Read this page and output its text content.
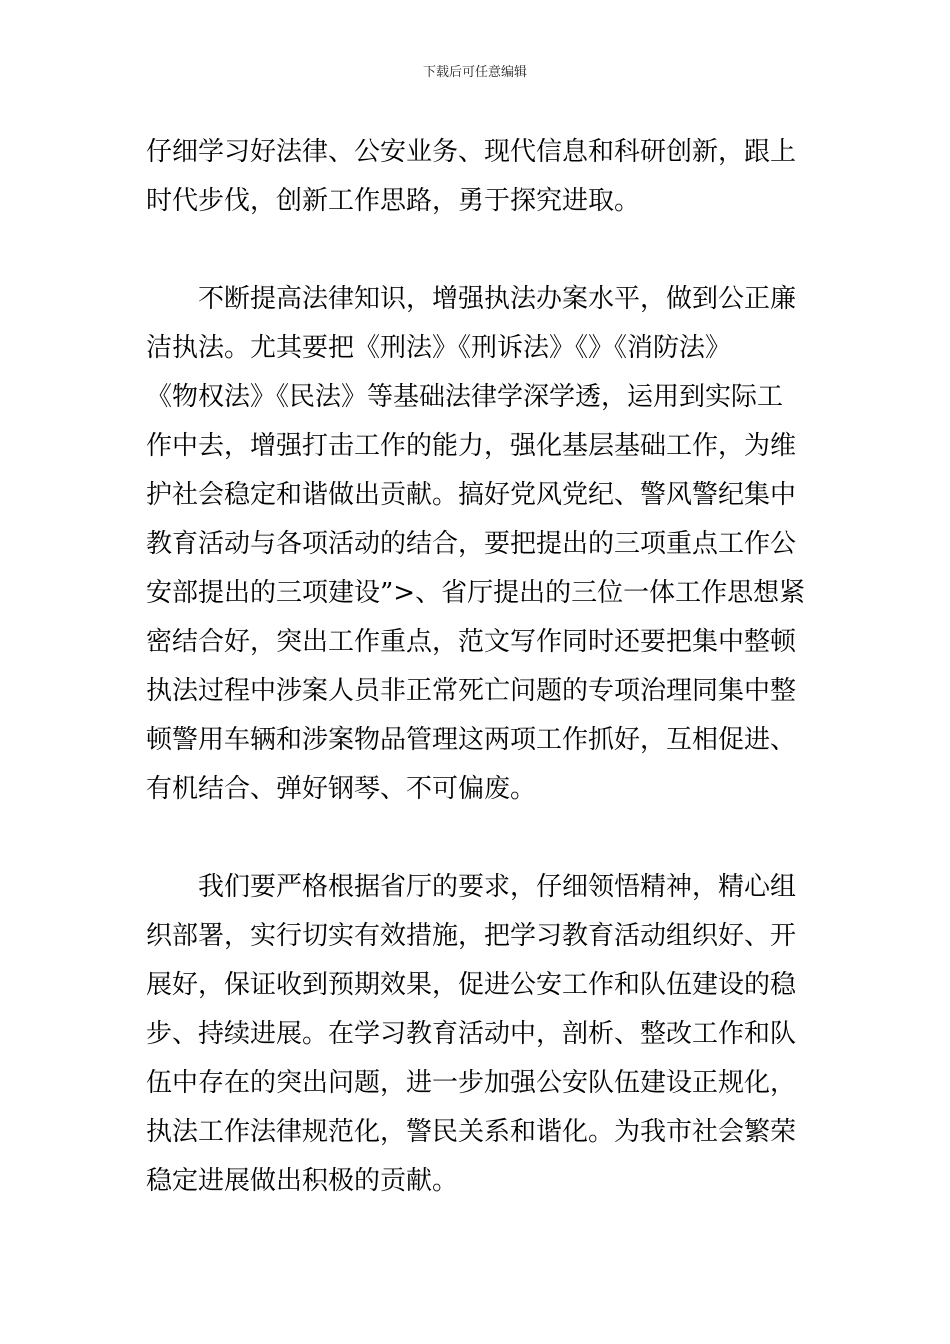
下载后可任意编辑

仔细学习好法律、公安业务、现代信息和科研创新，跟上
时代步伐，创新工作思路，勇于探究进取。

不断提高法律知识，增强执法办案水平，做到公正廉
洁执法。尤其要把《刑法》《刑诉法》《》《消防法》
《物权法》《民法》等基础法律学深学透，运用到实际工
作中去，增强打击工作的能力，强化基层基础工作，为维
护社会稳定和谐做出贡献。搞好党风党纪、警风警纪集中
教育活动与各项活动的结合，要把提出的三项重点工作公
安部提出的三项建设”>、省厅提出的三位一体工作思想紧
密结合好，突出工作重点，范文写作同时还要把集中整顿
执法过程中涉案人员非正常死亡问题的专项治理同集中整
顿警用车辆和涉案物品管理这两项工作抓好，互相促进、
有机结合、弹好钢琴、不可偏废。

我们要严格根据省厅的要求，仔细领悟精神，精心组
织部署，实行切实有效措施，把学习教育活动组织好、开
展好，保证收到预期效果，促进公安工作和队伍建设的稳
步、持续进展。在学习教育活动中，剖析、整改工作和队
伍中存在的突出问题，进一步加强公安队伍建设正规化，
执法工作法律规范化，警民关系和谐化。为我市社会繁荣
稳定进展做出积极的贡献。
